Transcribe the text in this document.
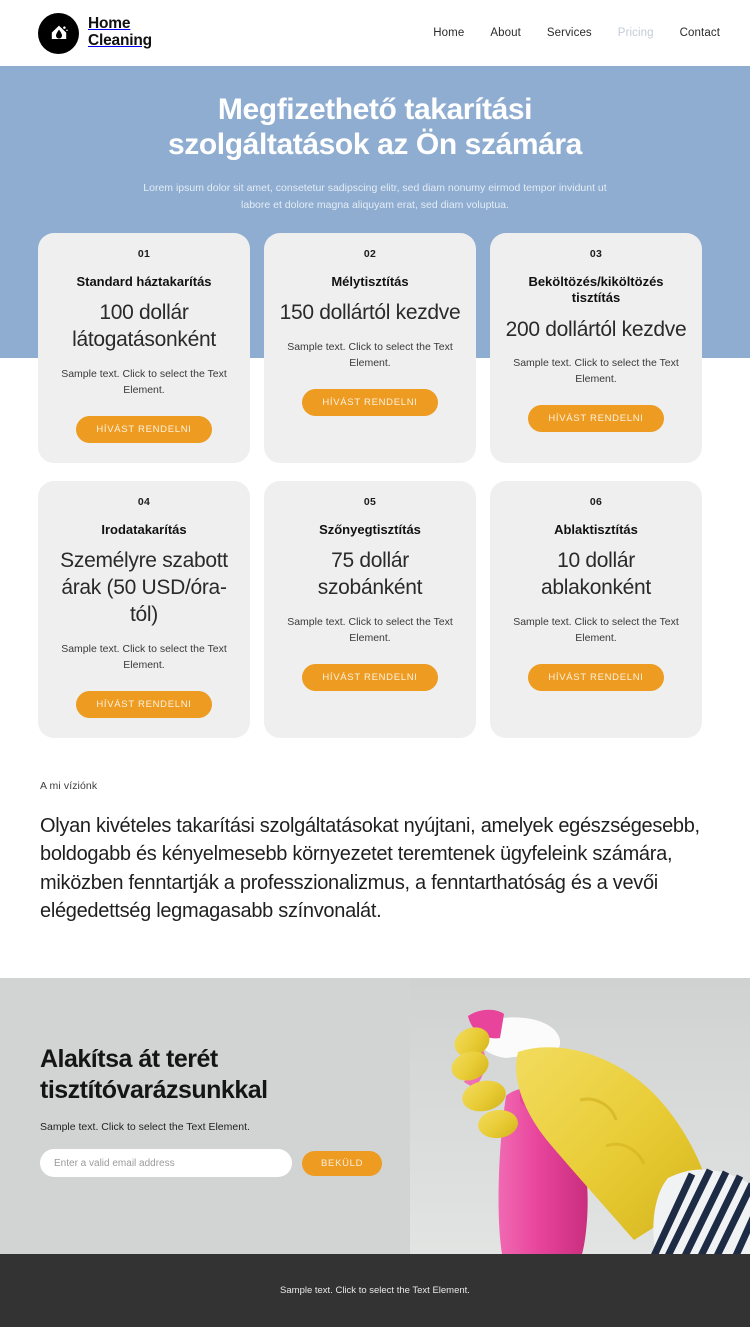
Home
Cleaning	Home About Services Pricing Contact
Megfizethető takarítási szolgáltatások az Ön számára

Lorem ipsum dolor sit amet, consetetur sadipscing elitr, sed diam nonumy eirmod tempor invidunt ut labore et dolore magna aliquyam erat, sed diam voluptua.

01
Standard háztakarítás
100 dollár látogatásonként
Sample text. Click to select the Text Element.
HÍVÁST RENDELNI
02
Mélytisztítás
150 dollártól kezdve
Sample text. Click to select the Text Element.
HÍVÁST RENDELNI
03
Beköltözés/kiköltözés tisztítás
200 dollártól kezdve
Sample text. Click to select the Text Element.
HÍVÁST RENDELNI
04
Irodatakarítás
Személyre szabott árak (50 USD/óra-tól)
Sample text. Click to select the Text Element.
HÍVÁST RENDELNI
05
Szőnyegtisztítás
75 dollár szobánként
Sample text. Click to select the Text Element.
HÍVÁST RENDELNI
06
Ablaktisztítás
10 dollár ablakonként
Sample text. Click to select the Text Element.
HÍVÁST RENDELNI
A mi víziónk
Olyan kivételes takarítási szolgáltatásokat nyújtani, amelyek egészségesebb, boldogabb és kényelmesebb környezetet teremtenek ügyfeleink számára, miközben fenntartják a professzionalizmus, a fenntarthatóság és a vevői elégedettség legmagasabb színvonalát.
Alakítsa át terét tisztítóvarázsunkkal

Sample text. Click to select the Text Element.

Enter a valid email address
BEKÜLD
Sample text. Click to select the Text Element.
